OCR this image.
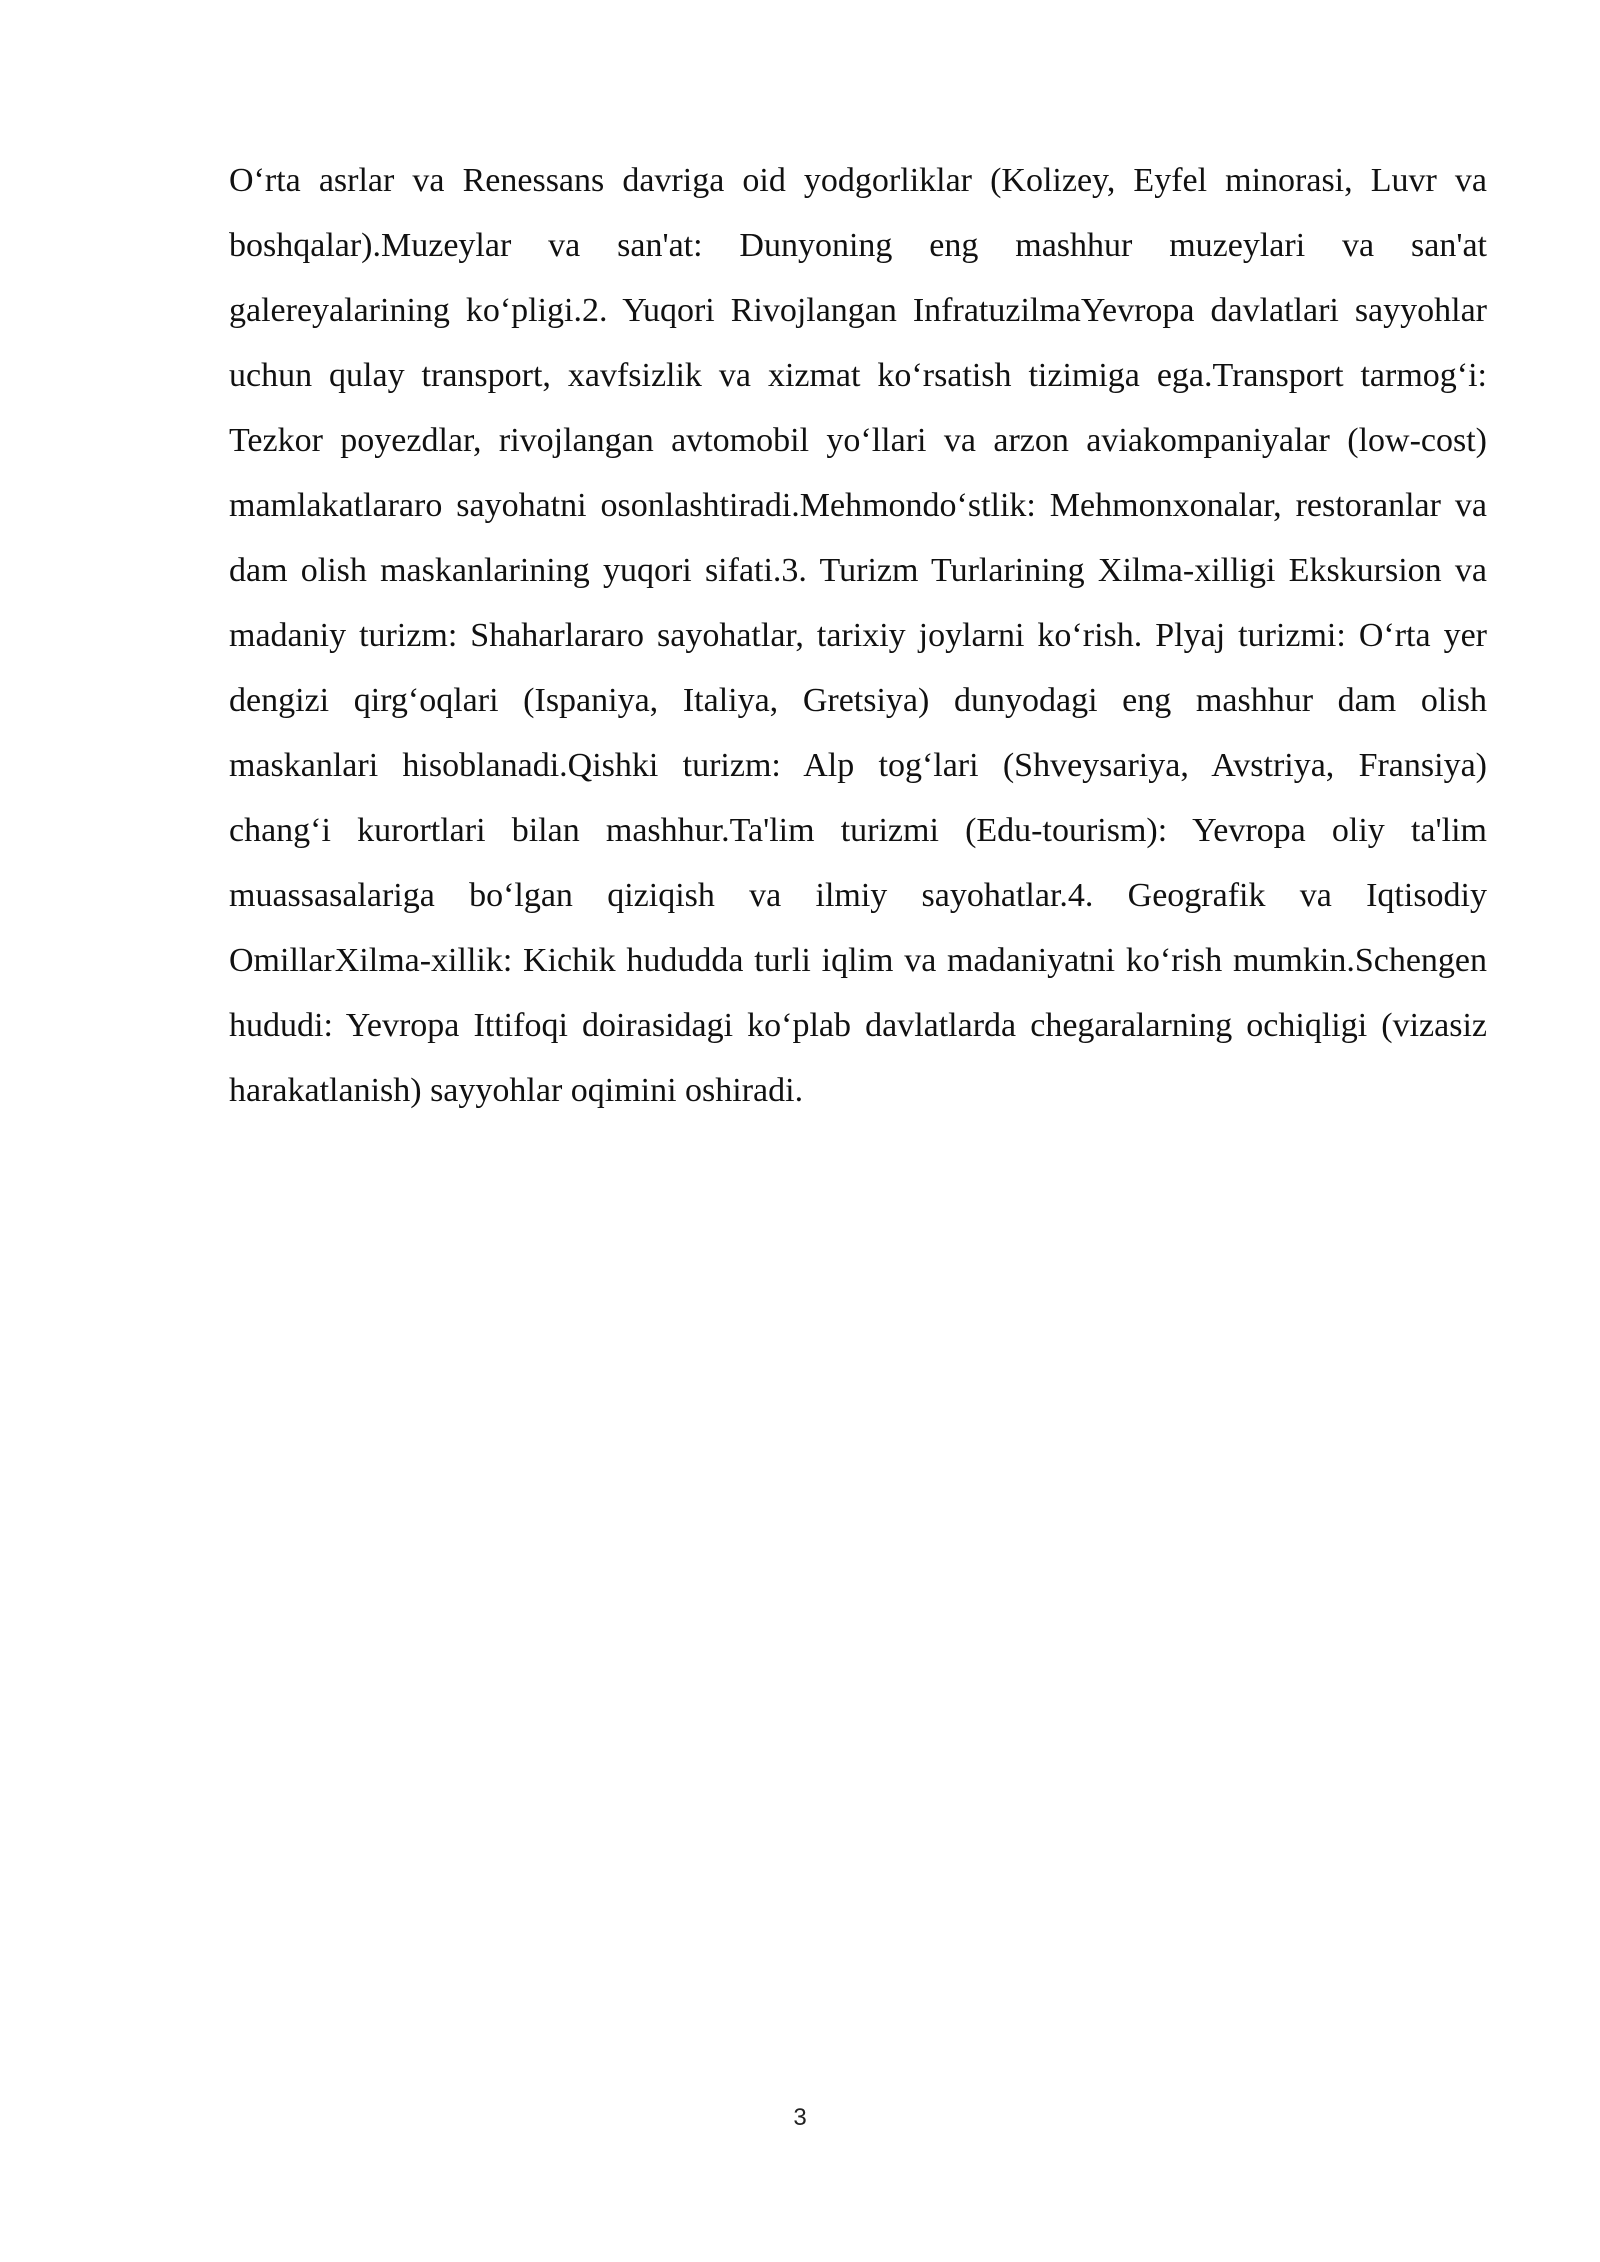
O‘rta asrlar va Renessans davriga oid yodgorliklar (Kolizey, Eyfel minorasi, Luvr va boshqalar).Muzeylar va san'at: Dunyoning eng mashhur muzeylari va san'at galereyalarining ko‘pligi.2. Yuqori Rivojlangan InfratuzilmaYevropa davlatlari sayyohlar uchun qulay transport, xavfsizlik va xizmat ko‘rsatish tizimiga ega.Transport tarmog‘i: Tezkor poyezdlar, rivojlangan avtomobil yo‘llari va arzon aviakompaniyalar (low-cost) mamlakatlararo sayohatni osonlashtiradi.Mehmondo‘stlik: Mehmonxonalar, restoranlar va dam olish maskanlarining yuqori sifati.3. Turizm Turlarining Xilma-xilligi Ekskursion va madaniy turizm: Shaharlararo sayohatlar, tarixiy joylarni ko‘rish. Plyaj turizmi: O‘rta yer dengizi qirg‘oqlari (Ispaniya, Italiya, Gretsiya) dunyodagi eng mashhur dam olish maskanlari hisoblanadi.Qishki turizm: Alp tog‘lari (Shveysariya, Avstriya, Fransiya) chang‘i kurortlari bilan mashhur.Ta'lim turizmi (Edu-tourism): Yevropa oliy ta'lim muassasalariga bo‘lgan qiziqish va ilmiy sayohatlar.4. Geografik va Iqtisodiy OmillarXilma-xillik: Kichik hududda turli iqlim va madaniyatni ko‘rish mumkin.Schengen hududi: Yevropa Ittifoqi doirasidagi ko‘plab davlatlarda chegaralarning ochiqligi (vizasiz harakatlanish) sayyohlar oqimini oshiradi.

3
